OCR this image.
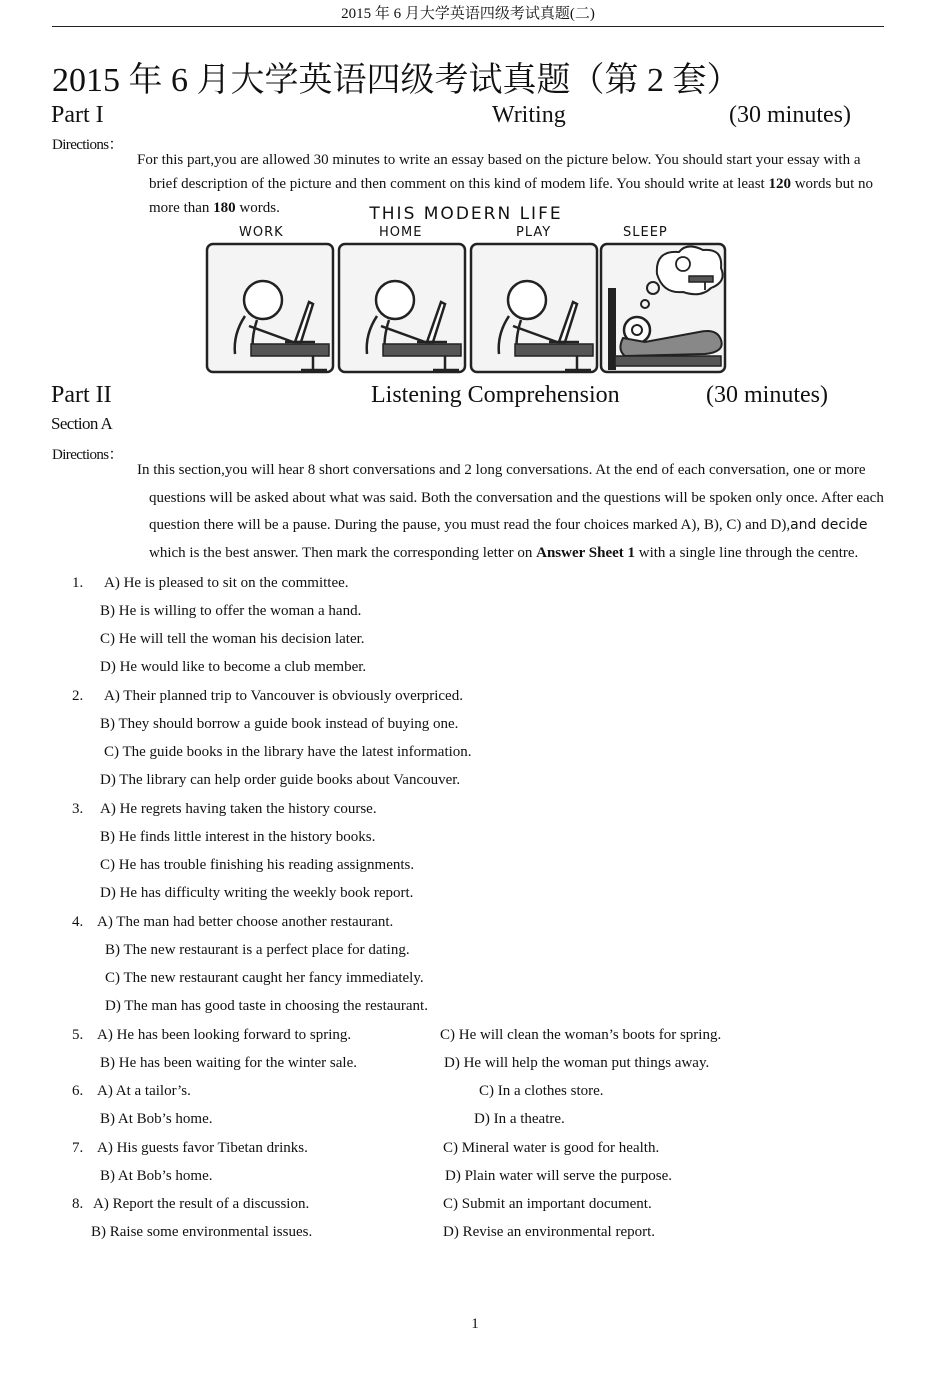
2015 年 6 月大学英语四级考试真题(二)
2015 年 6 月大学英语四级考试真题（第 2 套）
Part I	Writing	(30 minutes)
Directions：

For this part,you are allowed 30 minutes to write an essay based on the picture below. You should start your essay with a brief description of the picture and then comment on this kind of modem life. You should write at least 120 words but no more than 180 words.	THIS MODERN LIFE
WORK	HOME	PLAY	SLEEP
Part II	Listening Comprehension	(30 minutes)
Section A
Directions：

In this section,you will hear 8 short conversations and 2 long conversations. At the end of each conversation, one or more questions will be asked about what was said. Both the conversation and the questions will be spoken only once. After each question there will be a pause. During the pause, you must read the four choices marked A), B), C) and D),and decide which is the best answer. Then mark the corresponding letter on Answer Sheet 1 with a single line through the centre.

1. A) He is pleased to sit on the committee.
B) He is willing to offer the woman a hand.
C) He will tell the woman his decision later.
D) He would like to become a club member.
2. A) Their planned trip to Vancouver is obviously overpriced.
B) They should borrow a guide book instead of buying one.
C) The guide books in the library have the latest information.
D) The library can help order guide books about Vancouver.
3. A) He regrets having taken the history course.
B) He finds little interest in the history books.
C) He has trouble finishing his reading assignments.
D) He has difficulty writing the weekly book report.
4. A) The man had better choose another restaurant.
B) The new restaurant is a perfect place for dating.
C) The new restaurant caught her fancy immediately.
D) The man has good taste in choosing the restaurant.
5. A) He has been looking forward to spring.	C) He will clean the woman’s boots for spring.
B) He has been waiting for the winter sale.	D) He will help the woman put things away.
6. A) At a tailor’s.	C) In a clothes store.
B) At Bob’s home.	D) In a theatre.
7. A) His guests favor Tibetan drinks.	C) Mineral water is good for health.
B) At Bob’s home.	D) Plain water will serve the purpose.
8. A) Report the result of a discussion.	C) Submit an important document.
B) Raise some environmental issues.	D) Revise an environmental report.
1
